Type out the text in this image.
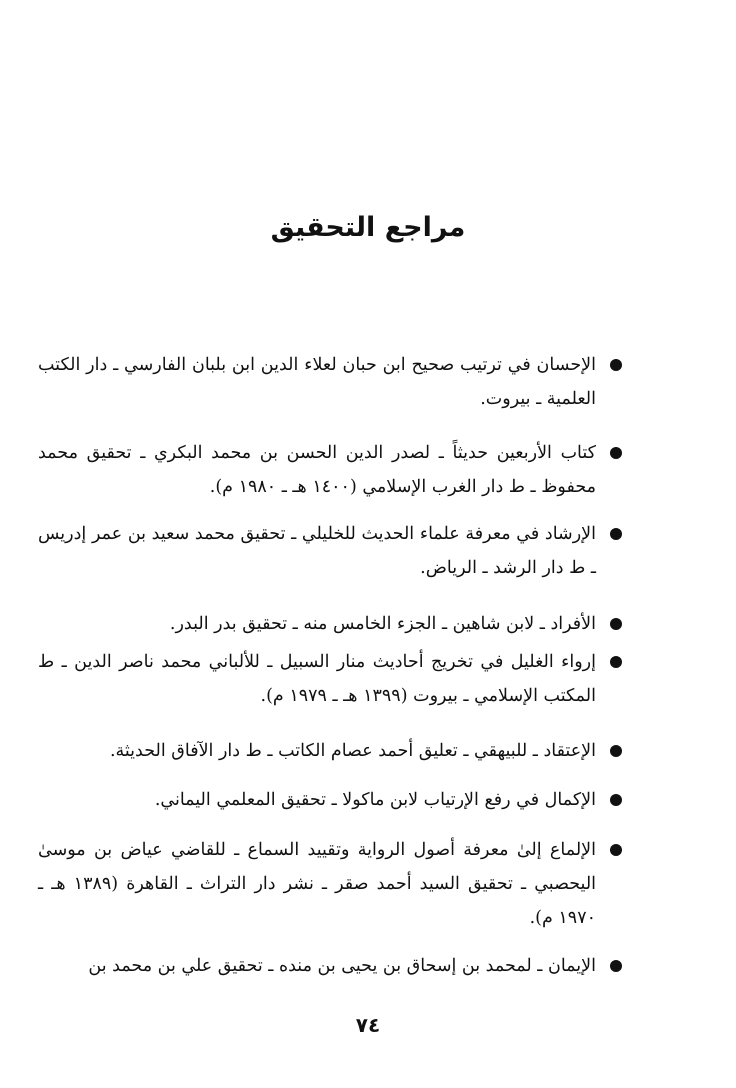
مراجع التحقيق
الإحسان في ترتيب صحيح ابن حبان لعلاء الدين ابن بلبان الفارسي ـ دار الكتب العلمية ـ بيروت.
كتاب الأربعين حديثاً ـ لصدر الدين الحسن بن محمد البكري ـ تحقيق محمد محفوظ ـ ط دار الغرب الإسلامي (١٤٠٠ هـ ـ ١٩٨٠ م).
الإرشاد في معرفة علماء الحديث للخليلي ـ تحقيق محمد سعيد بن عمر إدريس ـ ط دار الرشد ـ الرياض.
الأفراد ـ لابن شاهين ـ الجزء الخامس منه ـ تحقيق بدر البدر.
إرواء الغليل في تخريج أحاديث منار السبيل ـ للألباني محمد ناصر الدين ـ ط المكتب الإسلامي ـ بيروت (١٣٩٩ هـ ـ ١٩٧٩ م).
الإعتقاد ـ للبيهقي ـ تعليق أحمد عصام الكاتب ـ ط دار الآفاق الحديثة.
الإكمال في رفع الإرتياب لابن ماكولا ـ تحقيق المعلمي اليماني.
الإلماع إلىٰ معرفة أصول الرواية وتقييد السماع ـ للقاضي عياض بن موسىٰ اليحصبي ـ تحقيق السيد أحمد صقر ـ نشر دار التراث ـ القاهرة (١٣٨٩ هـ ـ ١٩٧٠ م).
الإيمان ـ لمحمد بن إسحاق بن يحيى بن منده ـ تحقيق علي بن محمد بن
٧٤
